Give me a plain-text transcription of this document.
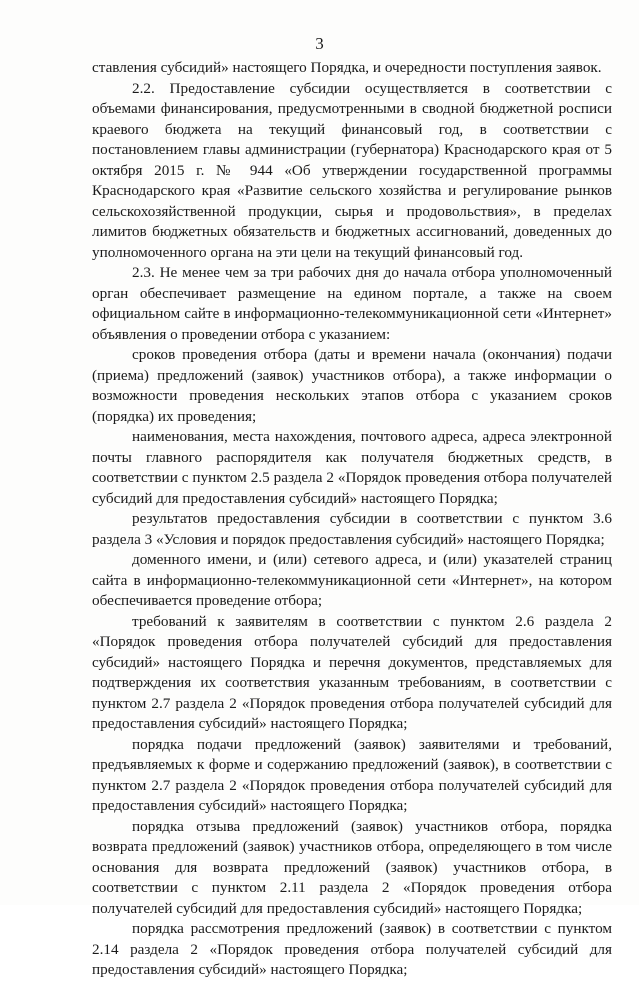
3

ставления субсидий» настоящего Порядка, и очередности поступления заявок.

2.2. Предоставление субсидии осуществляется в соответствии с объемами финансирования, предусмотренными в сводной бюджетной росписи краевого бюджета на текущий финансовый год, в соответствии с постановлением главы администрации (губернатора) Краснодарского края от 5 октября 2015 г. № 944 «Об утверждении государственной программы Краснодарского края «Развитие сельского хозяйства и регулирование рынков сельскохозяйственной продукции, сырья и продовольствия», в пределах лимитов бюджетных обязательств и бюджетных ассигнований, доведенных до уполномоченного органа на эти цели на текущий финансовый год.

2.3. Не менее чем за три рабочих дня до начала отбора уполномоченный орган обеспечивает размещение на едином портале, а также на своем официальном сайте в информационно-телекоммуникационной сети «Интернет» объявления о проведении отбора с указанием:

сроков проведения отбора (даты и времени начала (окончания) подачи (приема) предложений (заявок) участников отбора), а также информации о возможности проведения нескольких этапов отбора с указанием сроков (порядка) их проведения;

наименования, места нахождения, почтового адреса, адреса электронной почты главного распорядителя как получателя бюджетных средств, в соответствии с пунктом 2.5 раздела 2 «Порядок проведения отбора получателей субсидий для предоставления субсидий» настоящего Порядка;

результатов предоставления субсидии в соответствии с пунктом 3.6 раздела 3 «Условия и порядок предоставления субсидий» настоящего Порядка;

доменного имени, и (или) сетевого адреса, и (или) указателей страниц сайта в информационно-телекоммуникационной сети «Интернет», на котором обеспечивается проведение отбора;

требований к заявителям в соответствии с пунктом 2.6 раздела 2 «Порядок проведения отбора получателей субсидий для предоставления субсидий» настоящего Порядка и перечня документов, представляемых для подтверждения их соответствия указанным требованиям, в соответствии с пунктом 2.7 раздела 2 «Порядок проведения отбора получателей субсидий для предоставления субсидий» настоящего Порядка;

порядка подачи предложений (заявок) заявителями и требований, предъявляемых к форме и содержанию предложений (заявок), в соответствии с пунктом 2.7 раздела 2 «Порядок проведения отбора получателей субсидий для предоставления субсидий» настоящего Порядка;

порядка отзыва предложений (заявок) участников отбора, порядка возврата предложений (заявок) участников отбора, определяющего в том числе основания для возврата предложений (заявок) участников отбора, в соответствии с пунктом 2.11 раздела 2 «Порядок проведения отбора получателей субсидий для предоставления субсидий» настоящего Порядка;

порядка рассмотрения предложений (заявок) в соответствии с пунктом 2.14 раздела 2 «Порядок проведения отбора получателей субсидий для предоставления субсидий» настоящего Порядка;
